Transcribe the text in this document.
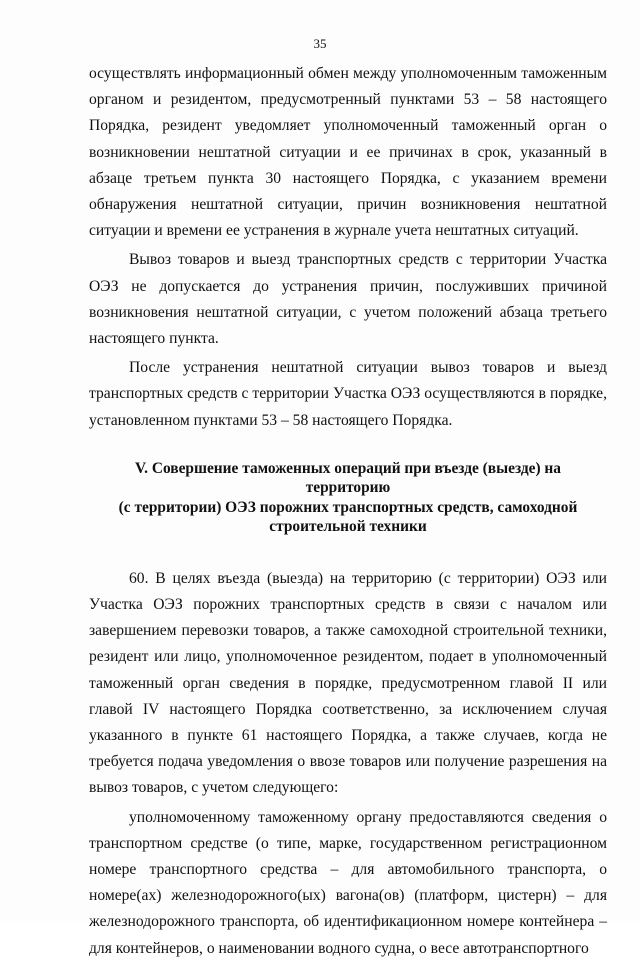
35

осуществлять информационный обмен между уполномоченным таможенным органом и резидентом, предусмотренный пунктами 53 – 58 настоящего Порядка, резидент уведомляет уполномоченный таможенный орган о возникновении нештатной ситуации и ее причинах в срок, указанный в абзаце третьем пункта 30 настоящего Порядка, с указанием времени обнаружения нештатной ситуации, причин возникновения нештатной ситуации и времени ее устранения в журнале учета нештатных ситуаций.

Вывоз товаров и выезд транспортных средств с территории Участка ОЭЗ не допускается до устранения причин, послуживших причиной возникновения нештатной ситуации, с учетом положений абзаца третьего настоящего пункта.

После устранения нештатной ситуации вывоз товаров и выезд транспортных средств с территории Участка ОЭЗ осуществляются в порядке, установленном пунктами 53 – 58 настоящего Порядка.

V. Совершение таможенных операций при въезде (выезде) на территорию
(с территории) ОЭЗ порожних транспортных средств, самоходной
строительной техники

60. В целях въезда (выезда) на территорию (с территории) ОЭЗ или Участка ОЭЗ порожних транспортных средств в связи с началом или завершением перевозки товаров, а также самоходной строительной техники, резидент или лицо, уполномоченное резидентом, подает в уполномоченный таможенный орган сведения в порядке, предусмотренном главой II или главой IV настоящего Порядка соответственно, за исключением случая указанного в пункте 61 настоящего Порядка, а также случаев, когда не требуется подача уведомления о ввозе товаров или получение разрешения на вывоз товаров, с учетом следующего:

уполномоченному таможенному органу предоставляются сведения о транспортном средстве (о типе, марке, государственном регистрационном номере транспортного средства – для автомобильного транспорта, о номере(ах) железнодорожного(ых) вагона(ов) (платформ, цистерн) – для железнодорожного транспорта, об идентификационном номере контейнера – для контейнеров, о наименовании водного судна, о весе автотранспортного
